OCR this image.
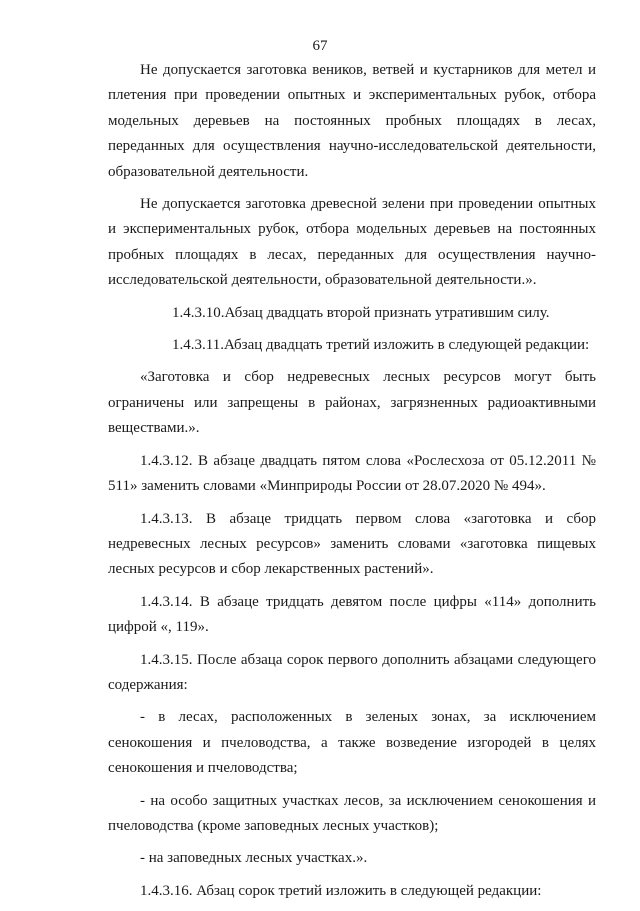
67

Не допускается заготовка веников, ветвей и кустарников для метел и плетения при проведении опытных и экспериментальных рубок, отбора модельных деревьев на постоянных пробных площадях в лесах, переданных для осуществления научно-исследовательской деятельности, образовательной деятельности.

Не допускается заготовка древесной зелени при проведении опытных и экспериментальных рубок, отбора модельных деревьев на постоянных пробных площадях в лесах, переданных для осуществления научно-исследовательской деятельности, образовательной деятельности.».

1.4.3.10.Абзац двадцать второй признать утратившим силу.

1.4.3.11.Абзац двадцать третий изложить в следующей редакции:

«Заготовка и сбор недревесных лесных ресурсов могут быть ограничены или запрещены в районах, загрязненных радиоактивными веществами.».

1.4.3.12. В абзаце двадцать пятом слова «Рослесхоза от 05.12.2011 № 511» заменить словами «Минприроды России от 28.07.2020 № 494».

1.4.3.13. В абзаце тридцать первом слова «заготовка и сбор недревесных лесных ресурсов» заменить словами «заготовка пищевых лесных ресурсов и сбор лекарственных растений».

1.4.3.14. В абзаце тридцать девятом после цифры «114» дополнить цифрой «, 119».

1.4.3.15. После абзаца сорок первого дополнить абзацами следующего содержания:

- в лесах, расположенных в зеленых зонах, за исключением сенокошения и пчеловодства, а также возведение изгородей в целях сенокошения и пчеловодства;

- на особо защитных участках лесов, за исключением сенокошения и пчеловодства (кроме заповедных лесных участков);

- на заповедных лесных участках.».

1.4.3.16. Абзац сорок третий изложить в следующей редакции:
